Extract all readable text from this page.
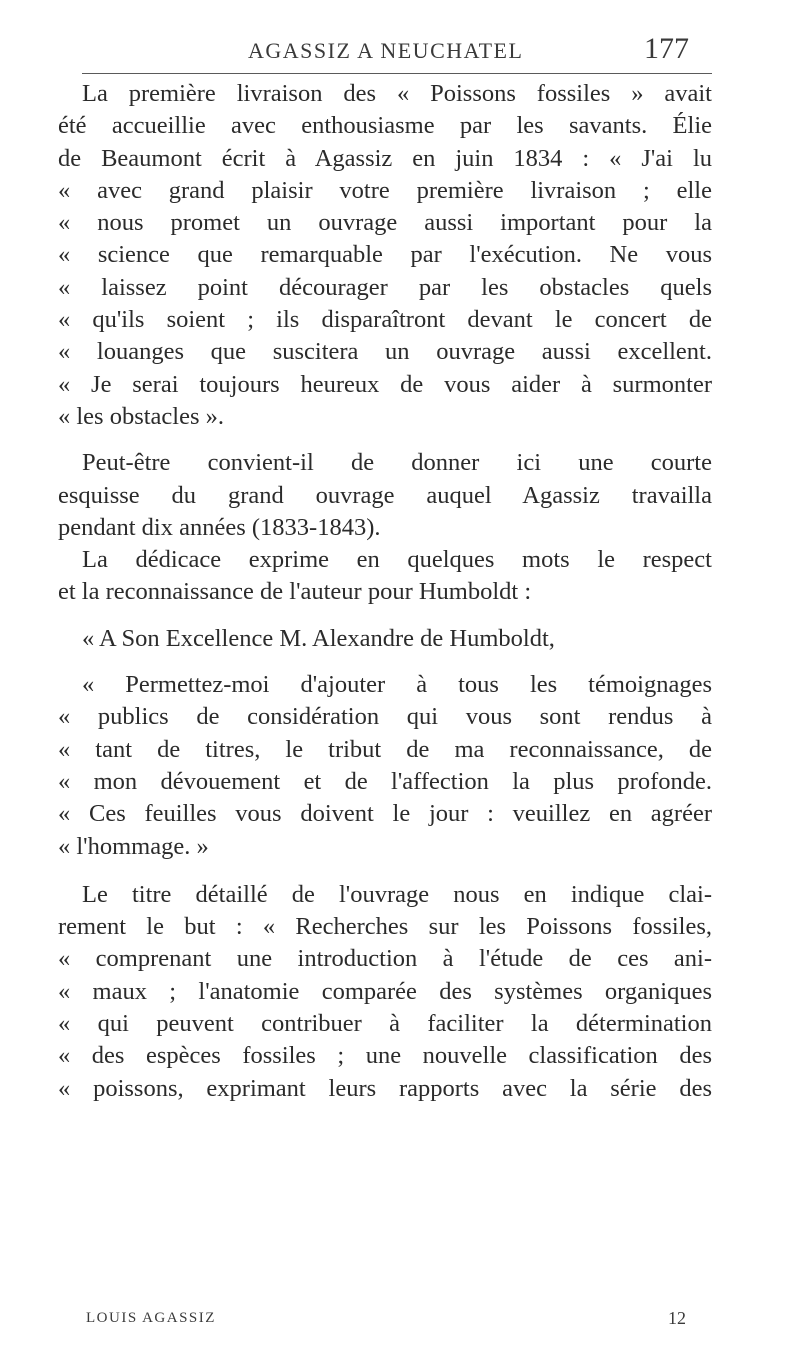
AGASSIZ A NEUCHATEL	177

La première livraison des « Poissons fossiles » avait
été accueillie avec enthousiasme par les savants. Élie
de Beaumont écrit à Agassiz en juin 1834 : « J'ai lu
« avec grand plaisir votre première livraison ; elle
« nous promet un ouvrage aussi important pour la
« science que remarquable par l'exécution. Ne vous
« laissez point décourager par les obstacles quels
« qu'ils soient ; ils disparaîtront devant le concert de
« louanges que suscitera un ouvrage aussi excellent.
« Je serai toujours heureux de vous aider à surmonter
« les obstacles ».

Peut-être convient-il de donner ici une courte
esquisse du grand ouvrage auquel Agassiz travailla
pendant dix années (1833-1843).

La dédicace exprime en quelques mots le respect
et la reconnaissance de l'auteur pour Humboldt :

« A Son Excellence M. Alexandre de Humboldt,

« Permettez-moi d'ajouter à tous les témoignages
« publics de considération qui vous sont rendus à
« tant de titres, le tribut de ma reconnaissance, de
« mon dévouement et de l'affection la plus profonde.
« Ces feuilles vous doivent le jour : veuillez en agréer
« l'hommage. »

Le titre détaillé de l'ouvrage nous en indique clai-
rement le but : « Recherches sur les Poissons fossiles,
« comprenant une introduction à l'étude de ces ani-
« maux ; l'anatomie comparée des systèmes organiques
« qui peuvent contribuer à faciliter la détermination
« des espèces fossiles ; une nouvelle classification des
« poissons, exprimant leurs rapports avec la série des

LOUIS AGASSIZ	12
